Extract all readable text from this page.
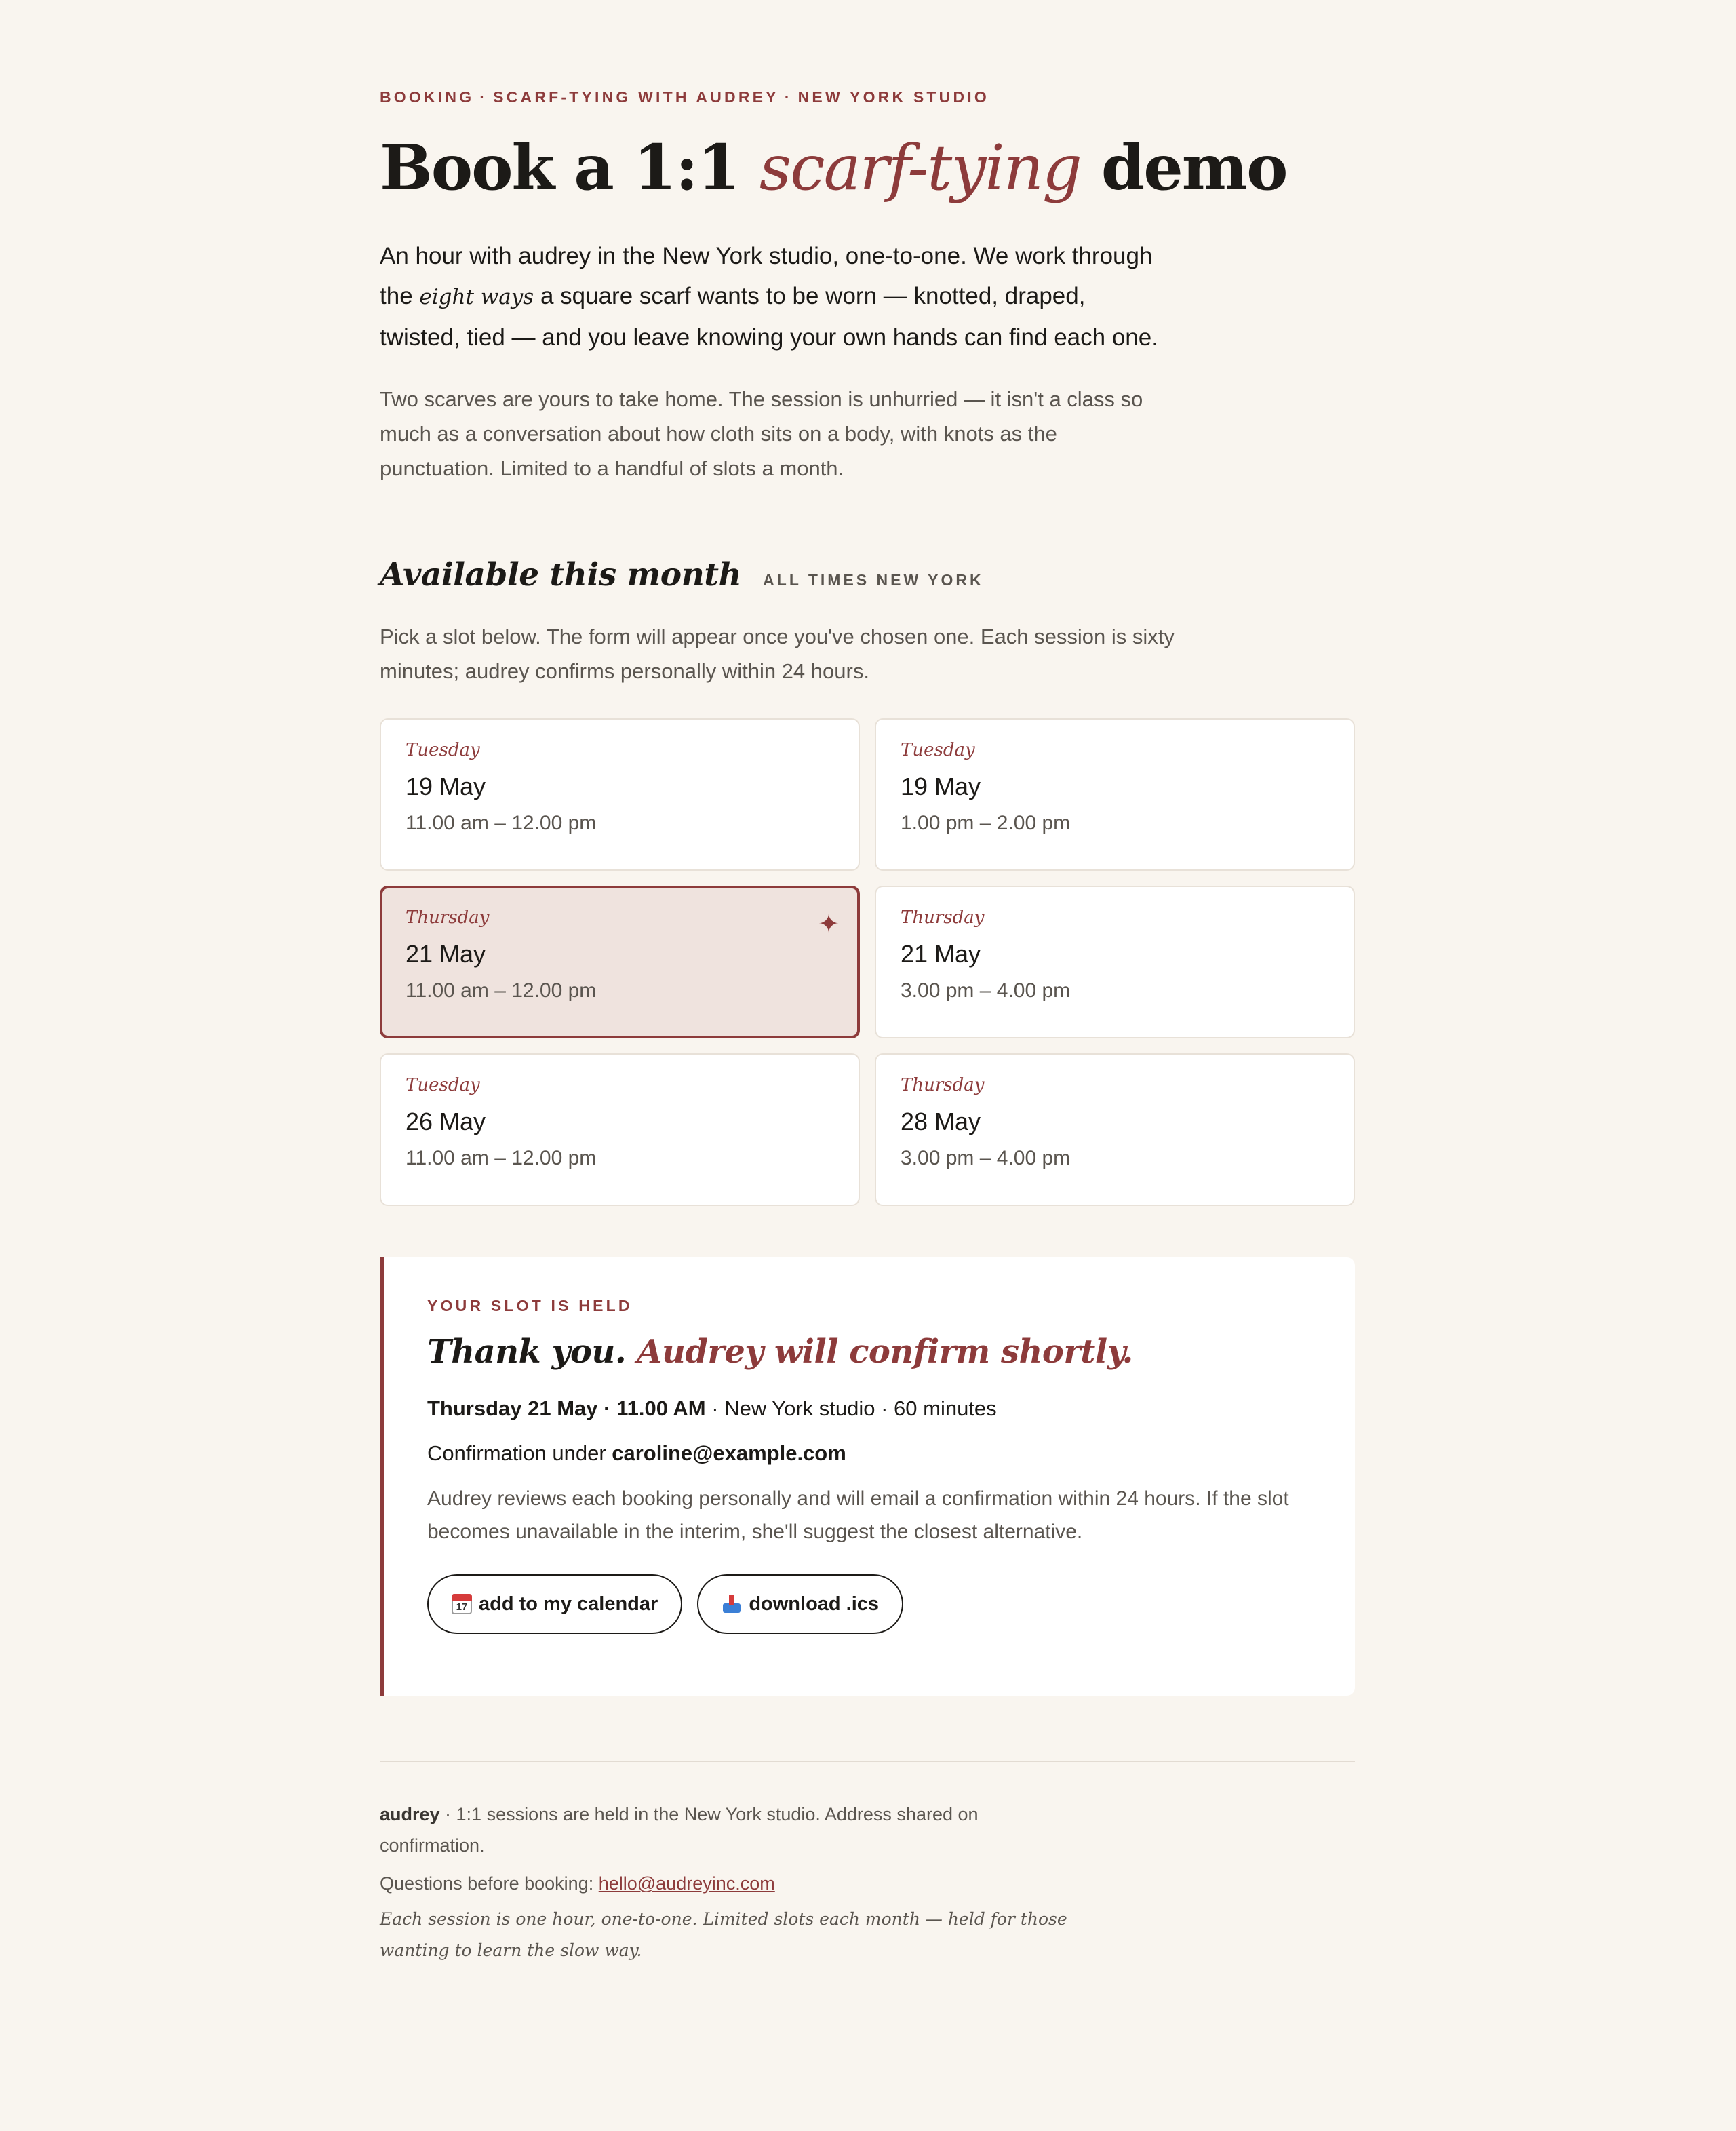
BOOKING · SCARF-TYING WITH AUDREY · NEW YORK STUDIO

Book a 1:1 scarf-tying demo

An hour with audrey in the New York studio, one-to-one. We work through the eight ways a square scarf wants to be worn — knotted, draped, twisted, tied — and you leave knowing your own hands can find each one.

Two scarves are yours to take home. The session is unhurried — it isn't a class so much as a conversation about how cloth sits on a body, with knots as the punctuation. Limited to a handful of slots a month.

Available this month ALL TIMES NEW YORK

Pick a slot below. The form will appear once you've chosen one. Each session is sixty minutes; audrey confirms personally within 24 hours.

Tuesday
19 May
11.00 am – 12.00 pm
Tuesday
19 May
1.00 pm – 2.00 pm
Thursday
21 May
11.00 am – 12.00 pm
✦	Thursday
21 May
3.00 pm – 4.00 pm
Tuesday
26 May
11.00 am – 12.00 pm
Thursday
28 May
3.00 pm – 4.00 pm

YOUR SLOT IS HELD

Thank you. Audrey will confirm shortly.

Thursday 21 May · 11.00 AM · New York studio · 60 minutes

Confirmation under caroline@example.com

Audrey reviews each booking personally and will email a confirmation within 24 hours. If the slot becomes unavailable in the interim, she'll suggest the closest alternative.

17 add to my calendar	download .ics

audrey · 1:1 sessions are held in the New York studio. Address shared on confirmation.

Questions before booking: hello@audreyinc.com

Each session is one hour, one-to-one. Limited slots each month — held for those wanting to learn the slow way.
